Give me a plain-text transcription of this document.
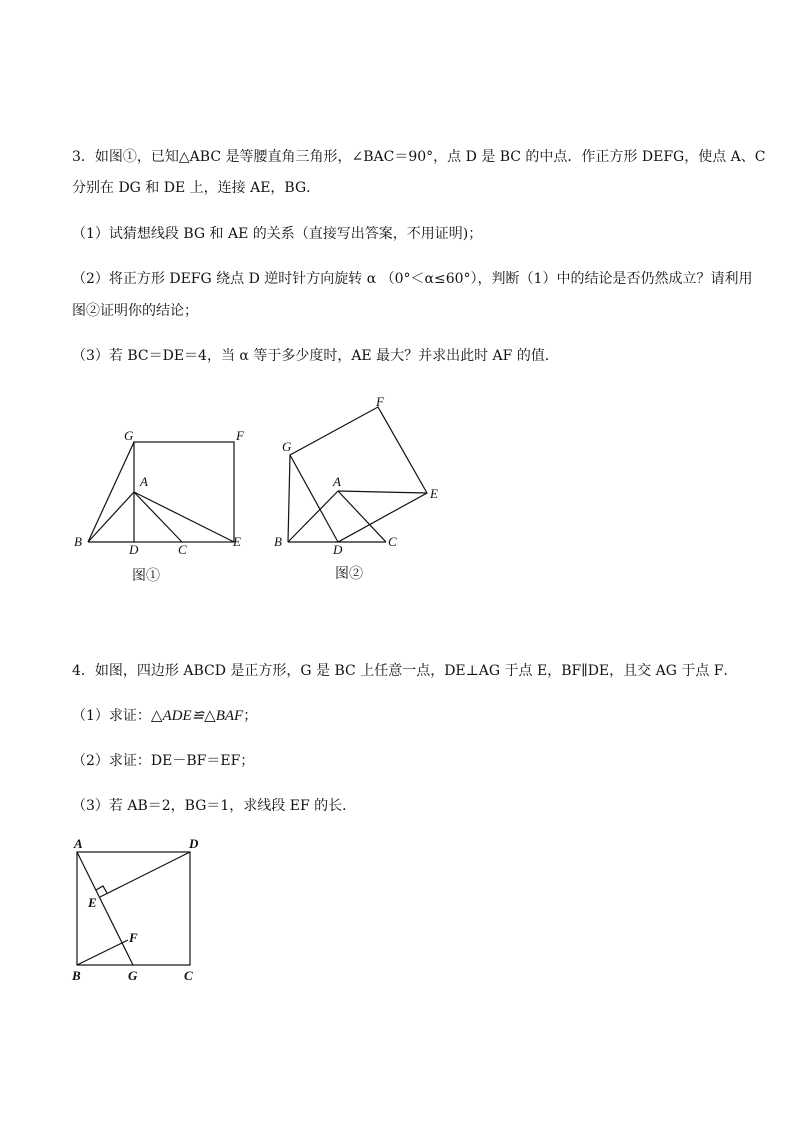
3．如图①，已知△ABC 是等腰直角三角形，∠BAC＝90°，点 D 是 BC 的中点．作正方形 DEFG，使点 A、C
分别在 DG 和 DE 上，连接 AE，BG．
（1）试猜想线段 BG 和 AE 的关系（直接写出答案，不用证明)；
（2）将正方形 DEFG 绕点 D 逆时针方向旋转 α （0°＜α≤60°），判断（1）中的结论是否仍然成立？请利用
图②证明你的结论；
（3）若 BC＝DE＝4，当 α 等于多少度时，AE 最大？并求出此时 AF 的值．
G	F
A
B
D	C
E
图①
F
G
A
E
B
D
C
图②
4．如图，四边形 ABCD 是正方形，G 是 BC 上任意一点，DE⊥AG 于点 E，BF∥DE，且交 AG 于点 F．
（1）求证：△ADE≌△BAF；
（2）求证：DE－BF＝EF；
（3）若 AB＝2，BG＝1，求线段 EF 的长．
A	D
E
F
B	G	C
